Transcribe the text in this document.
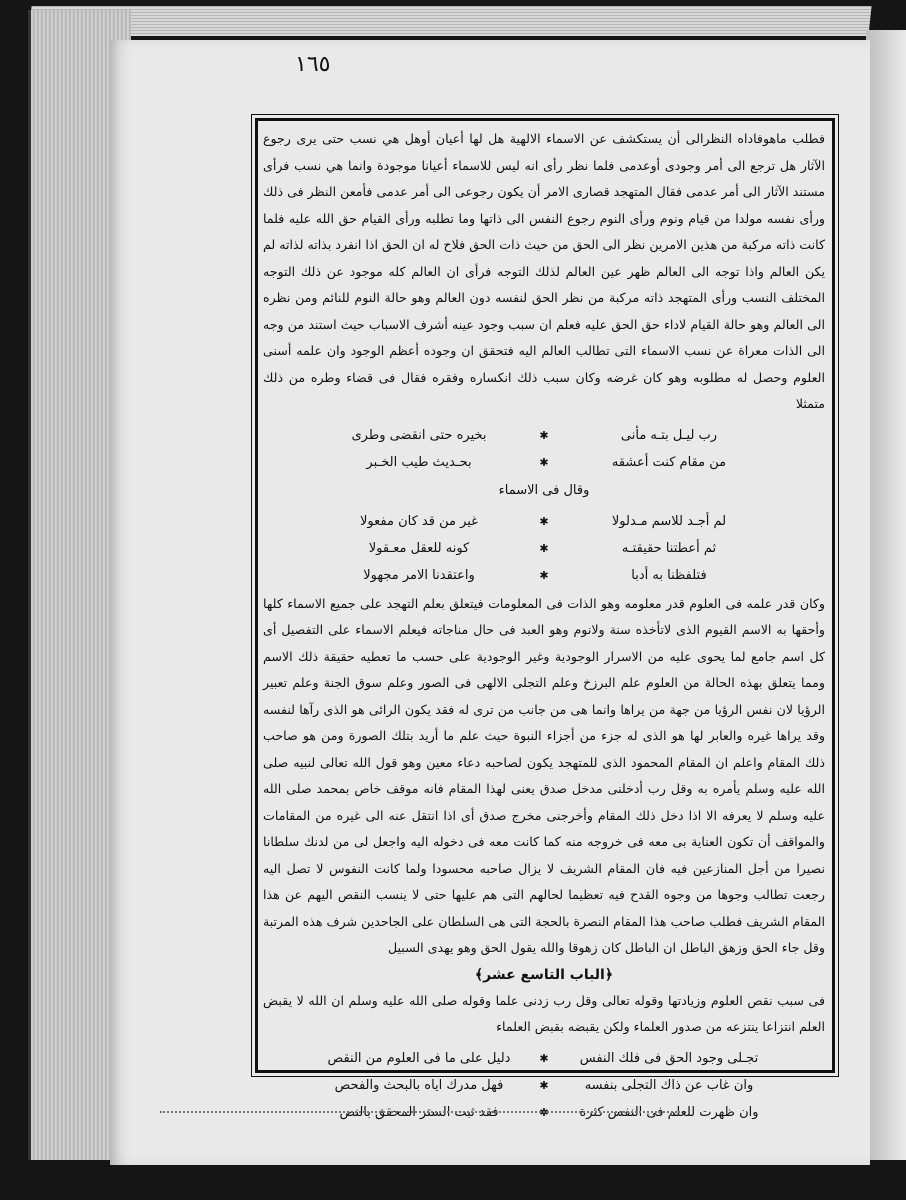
١٦٥

فطلب ماهوفاداه النظرالى أن يستكشف عن الاسماء الالهية هل لها أعيان أوهل هي نسب حتى يرى رجوع الآثار هل ترجع الى أمر وجودى أوعدمى فلما نظر رأى انه ليس للاسماء أعيانا موجودة وانما هي نسب فرأى مستند الآثار الى أمر عدمى فقال المتهجد قصارى الامر أن يكون رجوعى الى أمر عدمى فأمعن النظر فى ذلك ورأى نفسه مولدا من قيام ونوم ورأى النوم رجوع النفس الى ذاتها وما تطلبه ورأى القيام حق الله عليه فلما كانت ذاته مركبة من هذين الامرين نظر الى الحق من حيث ذات الحق فلاح له ان الحق اذا انفرد بذاته لذاته لم يكن العالم واذا توجه الى العالم ظهر عين العالم لذلك التوجه فرأى ان العالم كله موجود عن ذلك التوجه المختلف النسب ورأى المتهجد ذاته مركبة من نظر الحق لنفسه دون العالم وهو حالة النوم للنائم ومن نظره الى العالم وهو حالة القيام لاداء حق الحق عليه فعلم ان سبب وجود عينه أشرف الاسباب حيث استند من وجه الى الذات معراة عن نسب الاسماء التى تطالب العالم اليه فتحقق ان وجوده أعظم الوجود وان علمه أسنى العلوم وحصل له مطلوبه وهو كان غرضه وكان سبب ذلك انكساره وفقره فقال فى قضاء وطره من ذلك متمثلا

رب ليـل بتـه مأنى
✱
بخيره حتى انقضى وطرى
من مقام كنت أعشقه
✱
بحـديث طيب الخـبر
وقال فى الاسماء
لم أجـد للاسم مـدلولا
✱
غير من قد كان مفعولا
ثم أعطتنا حقيقتـه
✱
كونه للعقل معـقولا
فتلفظنا به أدبا
✱
واعتقدنا الامر مجهولا

وكان قدر علمه فى العلوم قدر معلومه وهو الذات فى المعلومات فيتعلق بعلم التهجد على جميع الاسماء كلها وأحقها به الاسم القيوم الذى لاتأخذه سنة ولانوم وهو العبد فى حال مناجاته فيعلم الاسماء على التفصيل أى كل اسم جامع لما يحوى عليه من الاسرار الوجودية وغير الوجودية على حسب ما تعطيه حقيقة ذلك الاسم ومما يتعلق بهذه الحالة من العلوم علم البرزخ وعلم التجلى الالهى فى الصور وعلم سوق الجنة وعلم تعبير الرؤيا لان نفس الرؤيا من جهة من يراها وانما هى من جانب من ترى له فقد يكون الرائى هو الذى رآها لنفسه وقد يراها غيره والعابر لها هو الذى له جزء من أجزاء النبوة حيث علم ما أريد بتلك الصورة ومن هو صاحب ذلك المقام واعلم ان المقام المحمود الذى للمتهجد يكون لصاحبه دعاء معين وهو قول الله تعالى لنبيه صلى الله عليه وسلم يأمره به وقل رب أدخلنى مدخل صدق يعنى لهذا المقام فانه موقف خاص بمحمد صلى الله عليه وسلم لا يعرفه الا اذا دخل ذلك المقام وأخرجنى مخرج صدق أى اذا انتقل عنه الى غيره من المقامات والمواقف أن تكون العناية بى معه فى خروجه منه كما كانت معه فى دخوله اليه واجعل لى من لدنك سلطانا نصيرا من أجل المنازعين فيه فان المقام الشريف لا يزال صاحبه محسودا ولما كانت النفوس لا تصل اليه رجعت تطالب وجوها من وجوه القدح فيه تعظيما لحالهم التى هم عليها حتى لا ينسب النقص اليهم عن هذا المقام الشريف فطلب صاحب هذا المقام النصرة بالحجة التى هى السلطان على الجاحدين شرف هذه المرتبة وقل جاء الحق وزهق الباطل ان الباطل كان زهوقا والله يقول الحق وهو يهدى السبيل

﴿الباب التاسع عشر﴾

فى سبب نقص العلوم وزيادتها وقوله تعالى وقل رب زدنى علما وقوله صلى الله عليه وسلم ان الله لا يقبض العلم انتزاعا ينتزعه من صدور العلماء ولكن يقبضه بقبض العلماء

تجـلى وجود الحق فى فلك النفس
✱
دليل على ما فى العلوم من النقص
وان غاب عن ذاك التجلى بنفسه
✱
فهل مدرك اياه بالبحث والفحص
وان ظهرت للعلم فى النفس كثرة
✱
فقد ثبت الستر المحقق بالنص
